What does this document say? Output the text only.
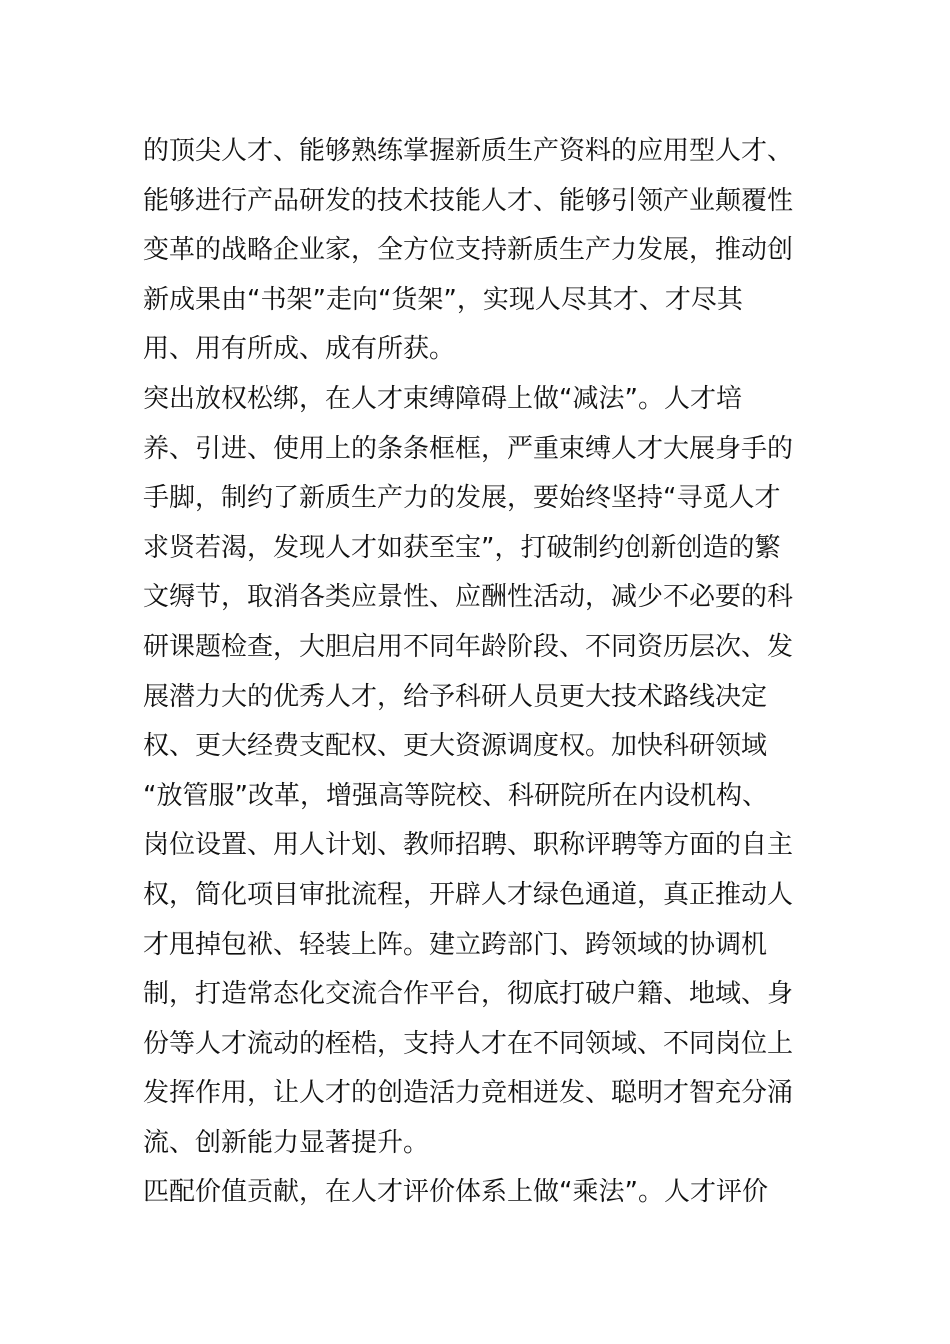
的顶尖人才、能够熟练掌握新质生产资料的应用型人才、
能够进行产品研发的技术技能人才、能够引领产业颠覆性
变革的战略企业家，全方位支持新质生产力发展，推动创
新成果由“书架”走向“货架”，实现人尽其才、才尽其
用、用有所成、成有所获。
突出放权松绑，在人才束缚障碍上做“减法”。人才培
养、引进、使用上的条条框框，严重束缚人才大展身手的
手脚，制约了新质生产力的发展，要始终坚持“寻觅人才
求贤若渴，发现人才如获至宝”，打破制约创新创造的繁
文缛节，取消各类应景性、应酬性活动，减少不必要的科
研课题检查，大胆启用不同年龄阶段、不同资历层次、发
展潜力大的优秀人才，给予科研人员更大技术路线决定
权、更大经费支配权、更大资源调度权。加快科研领域
“放管服”改革，增强高等院校、科研院所在内设机构、
岗位设置、用人计划、教师招聘、职称评聘等方面的自主
权，简化项目审批流程，开辟人才绿色通道，真正推动人
才甩掉包袱、轻装上阵。建立跨部门、跨领域的协调机
制，打造常态化交流合作平台，彻底打破户籍、地域、身
份等人才流动的桎梏，支持人才在不同领域、不同岗位上
发挥作用，让人才的创造活力竞相迸发、聪明才智充分涌
流、创新能力显著提升。
匹配价值贡献，在人才评价体系上做“乘法”。人才评价
